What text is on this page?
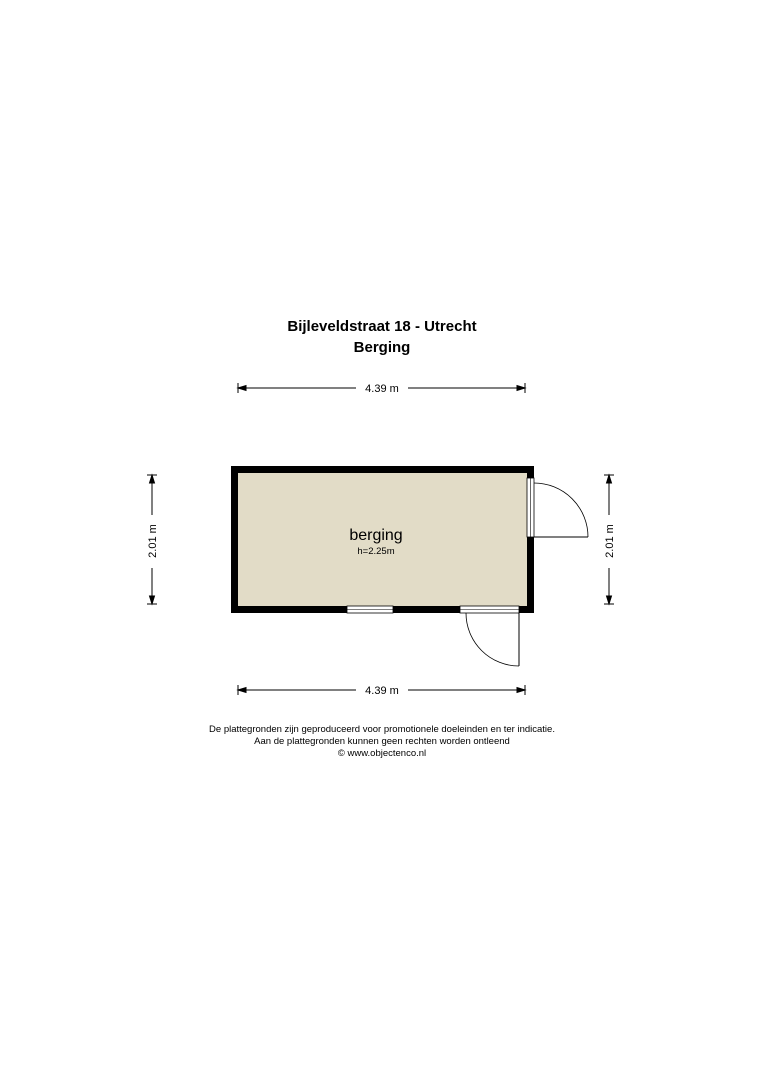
Bijleveldstraat 18 - Utrecht
Berging
4.39 m
4.39 m
2.01 m	2.01 m
berging
h=2.25m
De plattegronden zijn geproduceerd voor promotionele doeleinden en ter indicatie.
Aan de plattegronden kunnen geen rechten worden ontleend
© www.objectenco.nl
